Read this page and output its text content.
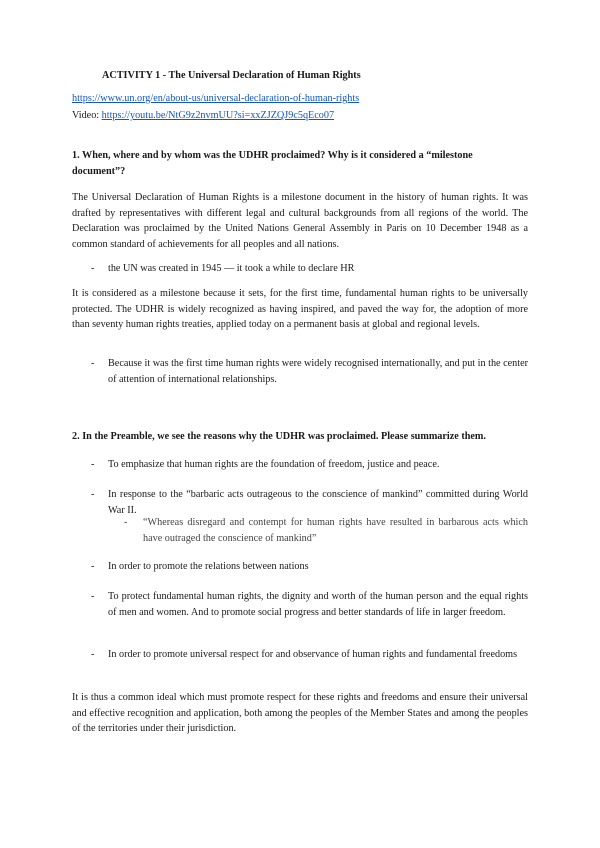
ACTIVITY 1 - The Universal Declaration of Human Rights
https://www.un.org/en/about-us/universal-declaration-of-human-rights
Video: https://youtu.be/NtG9z2nvmUU?si=xxZJZQJ9c5qEco07
1. When, where and by whom was the UDHR proclaimed? Why is it considered a “milestone document”?
The Universal Declaration of Human Rights is a milestone document in the history of human rights. It was drafted by representatives with different legal and cultural backgrounds from all regions of the world. The Declaration was proclaimed by the United Nations General Assembly in Paris on 10 December 1948 as a common standard of achievements for all peoples and all nations.
- the UN was created in 1945 — it took a while to declare HR
It is considered as a milestone because it sets, for the first time, fundamental human rights to be universally protected. The UDHR is widely recognized as having inspired, and paved the way for, the adoption of more than seventy human rights treaties, applied today on a permanent basis at global and regional levels.
- Because it was the first time human rights were widely recognised internationally, and put in the center of attention of international relationships.
2. In the Preamble, we see the reasons why the UDHR was proclaimed. Please summarize them.
- To emphasize that human rights are the foundation of freedom, justice and peace.
- In response to the “barbaric acts outrageous to the conscience of mankind” committed during World War II.
- “Whereas disregard and contempt for human rights have resulted in barbarous acts which have outraged the conscience of mankind”
- In order to promote the relations between nations
- To protect fundamental human rights, the dignity and worth of the human person and the equal rights of men and women. And to promote social progress and better standards of life in larger freedom.
- In order to promote universal respect for and observance of human rights and fundamental freedoms
It is thus a common ideal which must promote respect for these rights and freedoms and ensure their universal and effective recognition and application, both among the peoples of the Member States and among the peoples of the territories under their jurisdiction.
